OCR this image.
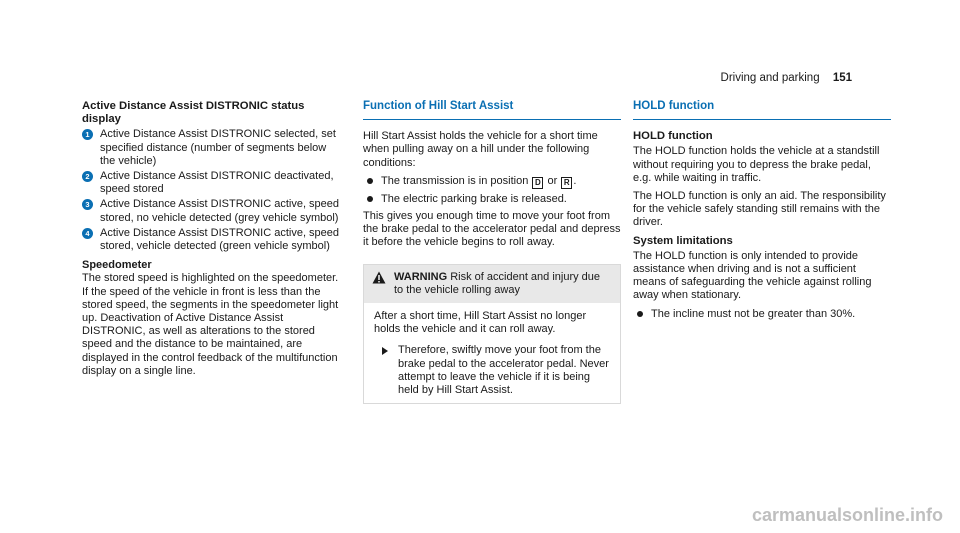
Driving and parking 151
Active Distance Assist DISTRONIC status display
1 Active Distance Assist DISTRONIC selected, set specified distance (number of segments below the vehicle)
2 Active Distance Assist DISTRONIC deactivated, speed stored
3 Active Distance Assist DISTRONIC active, speed stored, no vehicle detected (grey vehicle symbol)
4 Active Distance Assist DISTRONIC active, speed stored, vehicle detected (green vehicle symbol)
Speedometer

The stored speed is highlighted on the speedometer. If the speed of the vehicle in front is less than the stored speed, the segments in the speedometer light up. Deactivation of Active Distance Assist DISTRONIC, as well as alterations to the stored speed and the distance to be maintained, are displayed in the control feedback of the multifunction display on a single line.

Function of Hill Start Assist

Hill Start Assist holds the vehicle for a short time when pulling away on a hill under the following conditions:

The transmission is in position D or R .
The electric parking brake is released.

This gives you enough time to move your foot from the brake pedal to the accelerator pedal and depress it before the vehicle begins to roll away.

WARNING Risk of accident and injury due to the vehicle rolling away
After a short time, Hill Start Assist no longer holds the vehicle and it can roll away.
Therefore, swiftly move your foot from the brake pedal to the accelerator pedal. Never attempt to leave the vehicle if it is being held by Hill Start Assist.
HOLD function
HOLD function

The HOLD function holds the vehicle at a standstill without requiring you to depress the brake pedal, e.g. while waiting in traffic.

The HOLD function is only an aid. The responsibility for the vehicle safely standing still remains with the driver.

System limitations

The HOLD function is only intended to provide assistance when driving and is not a sufficient means of safeguarding the vehicle against rolling away when stationary.

The incline must not be greater than 30%.
carmanualsonline.info
